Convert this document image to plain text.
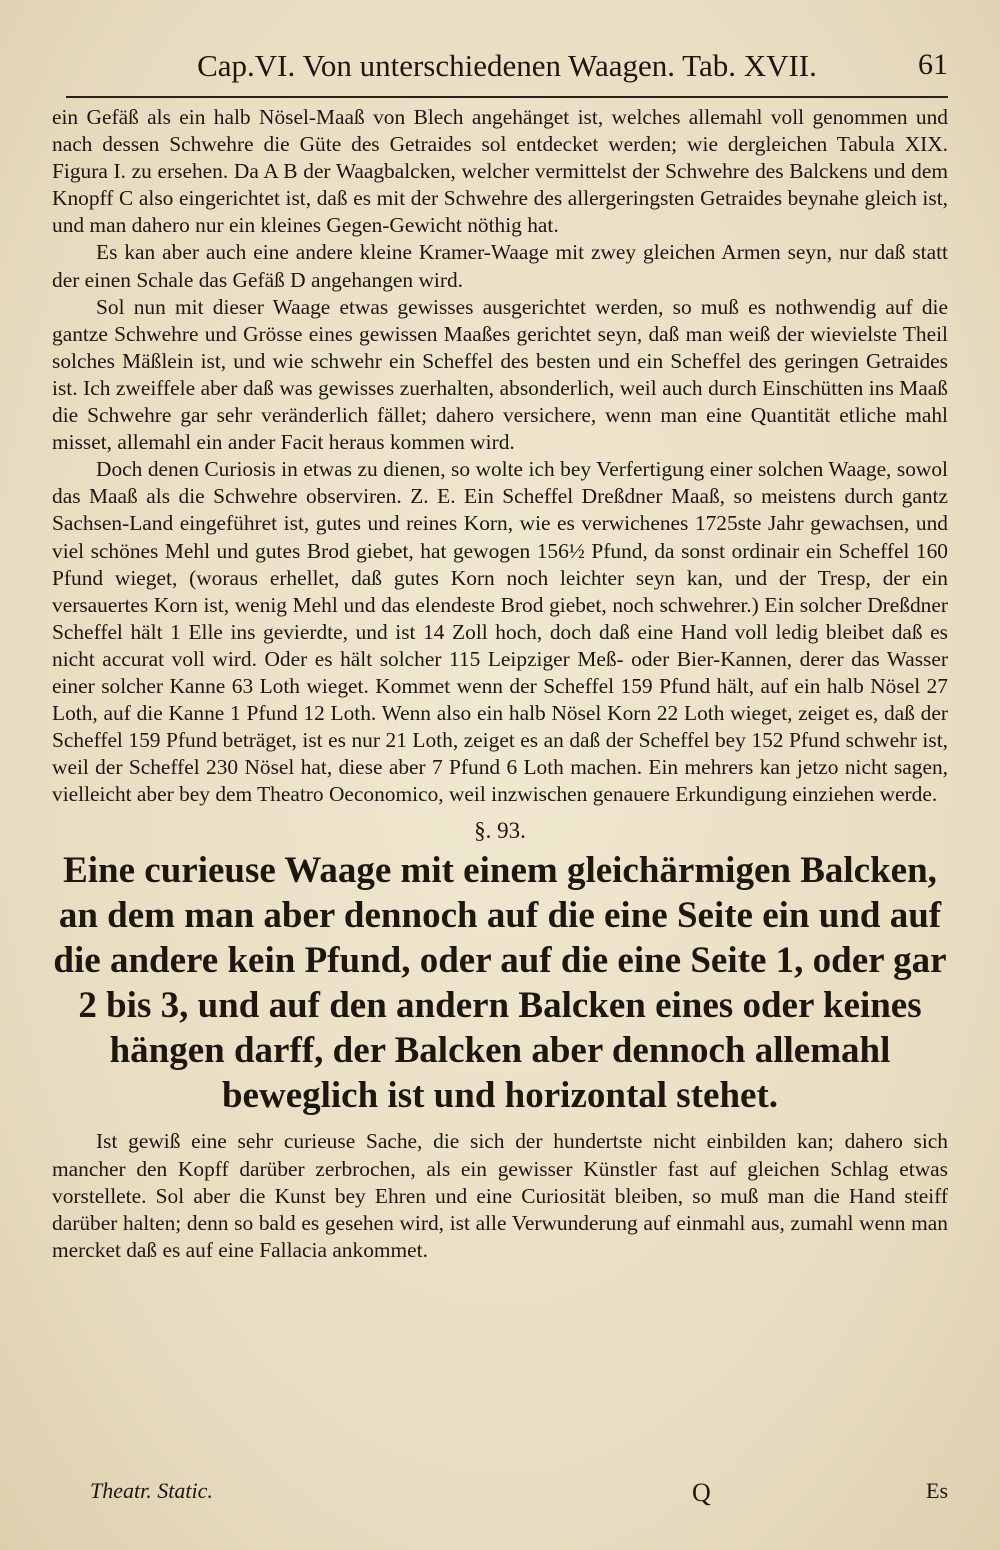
Cap.VI. Von unterschiedenen Waagen. Tab. XVII.	61

ein Gefäß als ein halb Nösel-Maaß von Blech angehänget ist, welches allemahl voll genommen und nach dessen Schwehre die Güte des Getraides sol entdecket werden; wie dergleichen Tabula XIX. Figura I. zu ersehen. Da A B der Waagbalcken, welcher vermittelst der Schwehre des Balckens und dem Knopff C also eingerichtet ist, daß es mit der Schwehre des allergeringsten Getraides beynahe gleich ist, und man dahero nur ein kleines Gegen-Gewicht nöthig hat.

Es kan aber auch eine andere kleine Kramer-Waage mit zwey gleichen Armen seyn, nur daß statt der einen Schale das Gefäß D angehangen wird.

Sol nun mit dieser Waage etwas gewisses ausgerichtet werden, so muß es nothwendig auf die gantze Schwehre und Grösse eines gewissen Maaßes gerichtet seyn, daß man weiß der wievielste Theil solches Mäßlein ist, und wie schwehr ein Scheffel des besten und ein Scheffel des geringen Getraides ist. Ich zweiffele aber daß was gewisses zuerhalten, absonderlich, weil auch durch Einschütten ins Maaß die Schwehre gar sehr veränderlich fället; dahero versichere, wenn man eine Quantität etliche mahl misset, allemahl ein ander Facit heraus kommen wird.

Doch denen Curiosis in etwas zu dienen, so wolte ich bey Verfertigung einer solchen Waage, sowol das Maaß als die Schwehre observiren. Z. E. Ein Scheffel Dreßdner Maaß, so meistens durch gantz Sachsen-Land eingeführet ist, gutes und reines Korn, wie es verwichenes 1725ste Jahr gewachsen, und viel schönes Mehl und gutes Brod giebet, hat gewogen 156½ Pfund, da sonst ordinair ein Scheffel 160 Pfund wieget, (woraus erhellet, daß gutes Korn noch leichter seyn kan, und der Tresp, der ein versauertes Korn ist, wenig Mehl und das elendeste Brod giebet, noch schwehrer.) Ein solcher Dreßdner Scheffel hält 1 Elle ins gevierdte, und ist 14 Zoll hoch, doch daß eine Hand voll ledig bleibet daß es nicht accurat voll wird. Oder es hält solcher 115 Leipziger Meß- oder Bier-Kannen, derer das Wasser einer solcher Kanne 63 Loth wieget. Kommet wenn der Scheffel 159 Pfund hält, auf ein halb Nösel 27 Loth, auf die Kanne 1 Pfund 12 Loth. Wenn also ein halb Nösel Korn 22 Loth wieget, zeiget es, daß der Scheffel 159 Pfund beträget, ist es nur 21 Loth, zeiget es an daß der Scheffel bey 152 Pfund schwehr ist, weil der Scheffel 230 Nösel hat, diese aber 7 Pfund 6 Loth machen. Ein mehrers kan jetzo nicht sagen, vielleicht aber bey dem Theatro Oeconomico, weil inzwischen genauere Erkundigung einziehen werde.

§. 93.
Eine curieuse Waage mit einem gleichärmigen Balcken, an dem man aber dennoch auf die eine Seite ein und auf die andere kein Pfund, oder auf die eine Seite 1, oder gar 2 bis 3, und auf den andern Balcken eines oder keines hängen darff, der Balcken aber dennoch allemahl beweglich ist und horizontal stehet.

Ist gewiß eine sehr curieuse Sache, die sich der hundertste nicht einbilden kan; dahero sich mancher den Kopff darüber zerbrochen, als ein gewisser Künstler fast auf gleichen Schlag etwas vorstellete. Sol aber die Kunst bey Ehren und eine Curiosität bleiben, so muß man die Hand steiff darüber halten; denn so bald es gesehen wird, ist alle Verwunderung auf einmahl aus, zumahl wenn man mercket daß es auf eine Fallacia ankommet.

Theatr. Static.	Q	Es
